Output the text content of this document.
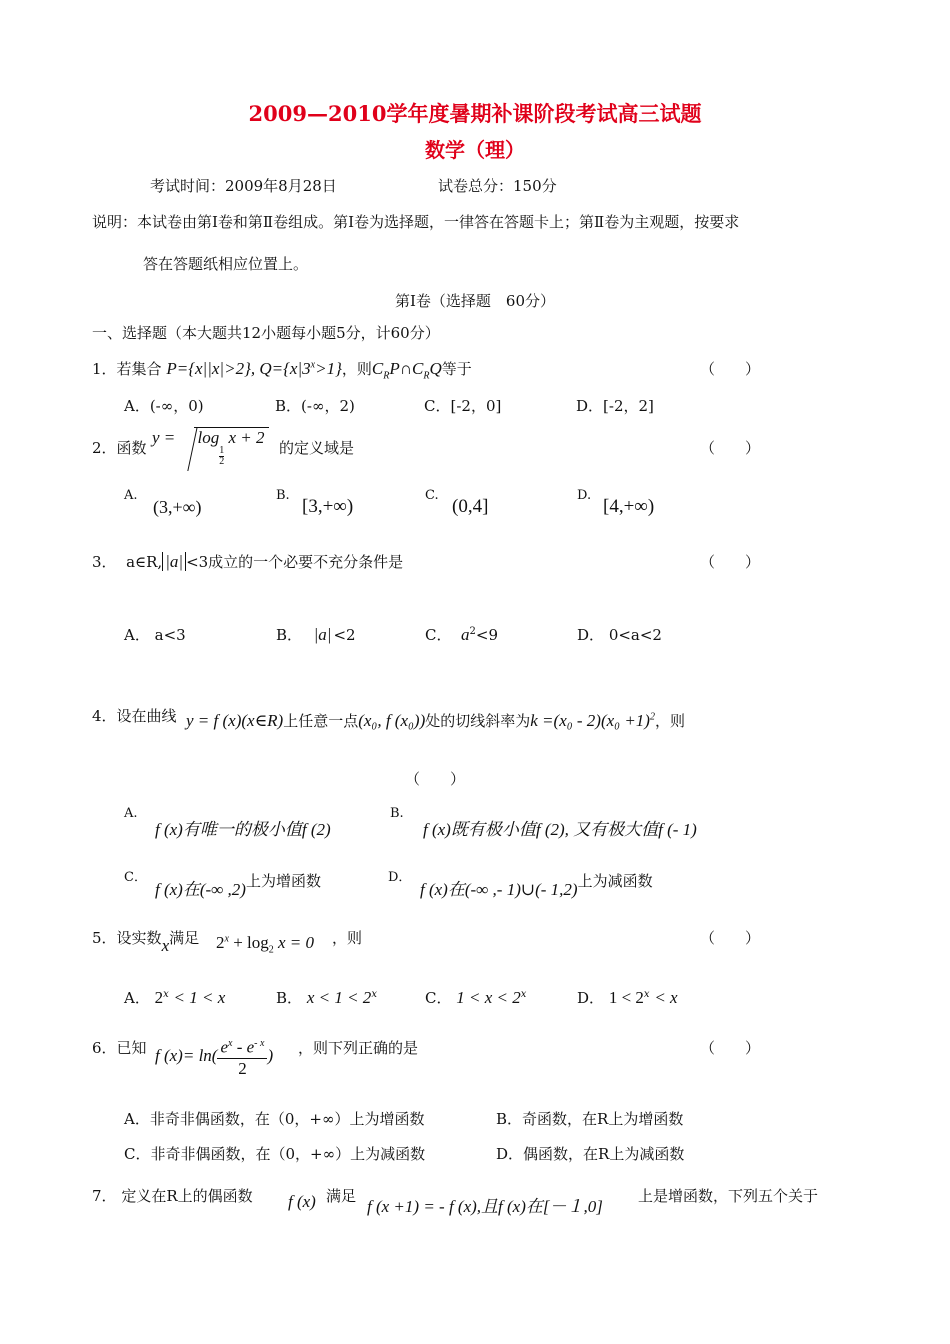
2009—2010学年度暑期补课阶段考试高三试题
数学（理）
考试时间：2009年8月28日	试卷总分：150分
说明：本试卷由第Ⅰ卷和第Ⅱ卷组成。第Ⅰ卷为选择题，一律答在答题卡上；第Ⅱ卷为主观题，按要求
答在答题纸相应位置上。
第Ⅰ卷（选择题　60分）
一、选择题（本大题共12小题每小题5分，计60分）
1．若集合 P={x||x|>2}, $Q=\{x|3^x>1\}$，则$C_RP\cap C_RQ$等于	（　　）
A．(-∞，0)	B．(-∞，2)	C．[-2，0]	D．[-2，2]
2．函数
y = log
$\frac{1}{2}$
x + 2
的定义域是	（　　）
A.
(3,+∞)
B.
[3,+∞)
C.
(0,4]
D.
[4,+∞)
3． a∈R, |a| <3成立的一个必要不充分条件是	（　　）
A． a<3	B． |a| <2	C． $a^2<9$	D． 0<a<2
4．设在曲线 y = f (x)(x∈R)上任意一点(x₀, f (x₀))处的切线斜率为$k =(x_0 - 2)(x_0 +1)^2$，则
（　　）
A.
f (x)有唯一的极小值f (2)
B.
f (x)既有极小值f (2), 又有极大值f (- 1)
C．
f (x)在(-∞ ,2)上为增函数	D．
f (x)在(-∞ ,- 1)∪(- 1,2)上为减函数
5．设实数x满足 $2^x + \log_2 x = 0$ ，则	（　　）
A． $2^x < 1 < x$	B． $x < 1 < 2^x$	C． $1 < x < 2^x$	D． $1 < 2^x < x$
6．已知 f $(x)= \ln( \frac{e^x - e^{- x}}{2}$ ) ，则下列正确的是	（　　）
A．非奇非偶函数，在（0，+∞）上为增函数	B．奇函数，在R上为增函数
C．非奇非偶函数，在（0，+∞）上为减函数	D．偶函数，在R上为减函数
7． 定义在R上的偶函数 f (x) 满足
f (x +1) = - f (x),且f (x)在[－１,0]
上是增函数，下列五个关于
